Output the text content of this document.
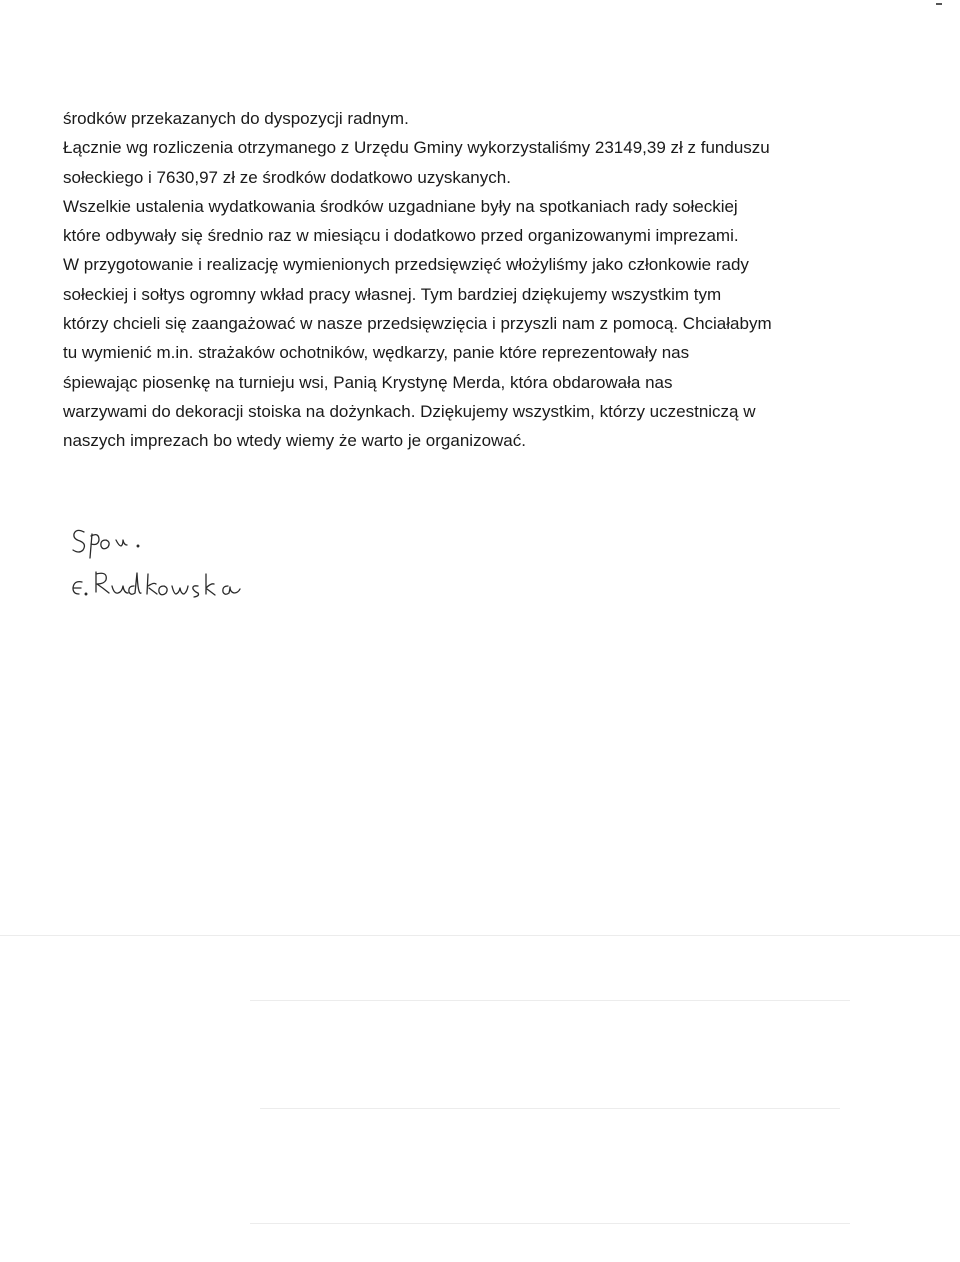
środków przekazanych do dyspozycji radnym.
Łącznie wg rozliczenia otrzymanego z Urzędu Gminy wykorzystaliśmy 23149,39 zł z funduszu
sołeckiego i 7630,97 zł ze środków dodatkowo uzyskanych.
Wszelkie ustalenia wydatkowania środków uzgadniane były na spotkaniach rady sołeckiej
które odbywały się średnio raz w miesiącu i dodatkowo przed organizowanymi imprezami.
W przygotowanie i realizację wymienionych przedsięwzięć włożyliśmy jako członkowie rady
sołeckiej i sołtys ogromny wkład pracy własnej. Tym bardziej dziękujemy wszystkim tym
którzy chcieli się zaangażować w nasze przedsięwzięcia i przyszli nam z pomocą. Chciałabym
tu wymienić m.in. strażaków ochotników, wędkarzy, panie które reprezentowały nas
śpiewając piosenkę na turnieju wsi, Panią Krystynę Merda, która obdarowała nas
warzywami do dekoracji stoiska na dożynkach. Dziękujemy wszystkim, którzy uczestniczą w
naszych imprezach bo wtedy wiemy że warto je organizować.
